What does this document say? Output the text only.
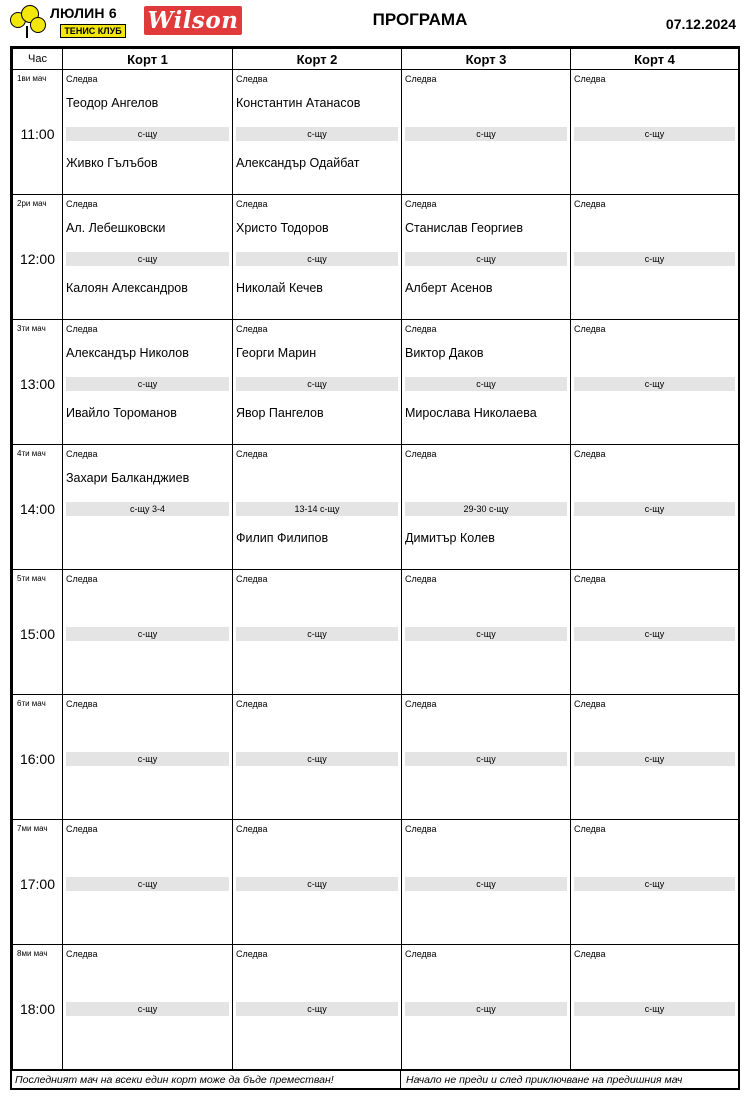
ЛЮЛИН 6
ТЕНИС КЛУБ Wilson	ПРОГРАМА	07.12.2024
Час	Корт 1	Корт 2	Корт 3	Корт 4

1ви мач
11:00	Следва
Теодор Ангелов
с-щу
Живко Гълъбов	Следва
Константин Атанасов
с-щу
Александър Одайбат	Следва
с-щу	Следва
с-щу

2ри мач
12:00	Следва
Ал. Лебешковски
с-щу
Калоян Александров	Следва
Христо Тодоров
с-щу
Николай Кечев	Следва
Станислав Георгиев
с-щу
Алберт Асенов	Следва
с-щу

3ти мач
13:00	Следва
Александър Николов
с-щу
Ивайло Тороманов	Следва
Георги Марин
с-щу
Явор Пангелов	Следва
Виктор Даков
с-щу
Мирослава Николаева	Следва
с-щу

4ти мач
14:00	Следва
Захари Балканджиев
с-щу 3-4	Следва
13-14 с-щу
Филип Филипов	Следва
29-30 с-щу
Димитър Колев	Следва
с-щу

5ти мач
15:00	Следва
с-щу	Следва
с-щу	Следва
с-щу	Следва
с-щу

6ти мач
16:00	Следва
с-щу	Следва
с-щу	Следва
с-щу	Следва
с-щу

7ми мач
17:00	Следва
с-щу	Следва
с-щу	Следва
с-щу	Следва
с-щу

8ми мач
18:00	Следва
с-щу	Следва
с-щу	Следва
с-щу	Следва
с-щу
Последният мач на всеки един корт може да бъде преместван!	Начало не преди и след приключване на предишния мач
